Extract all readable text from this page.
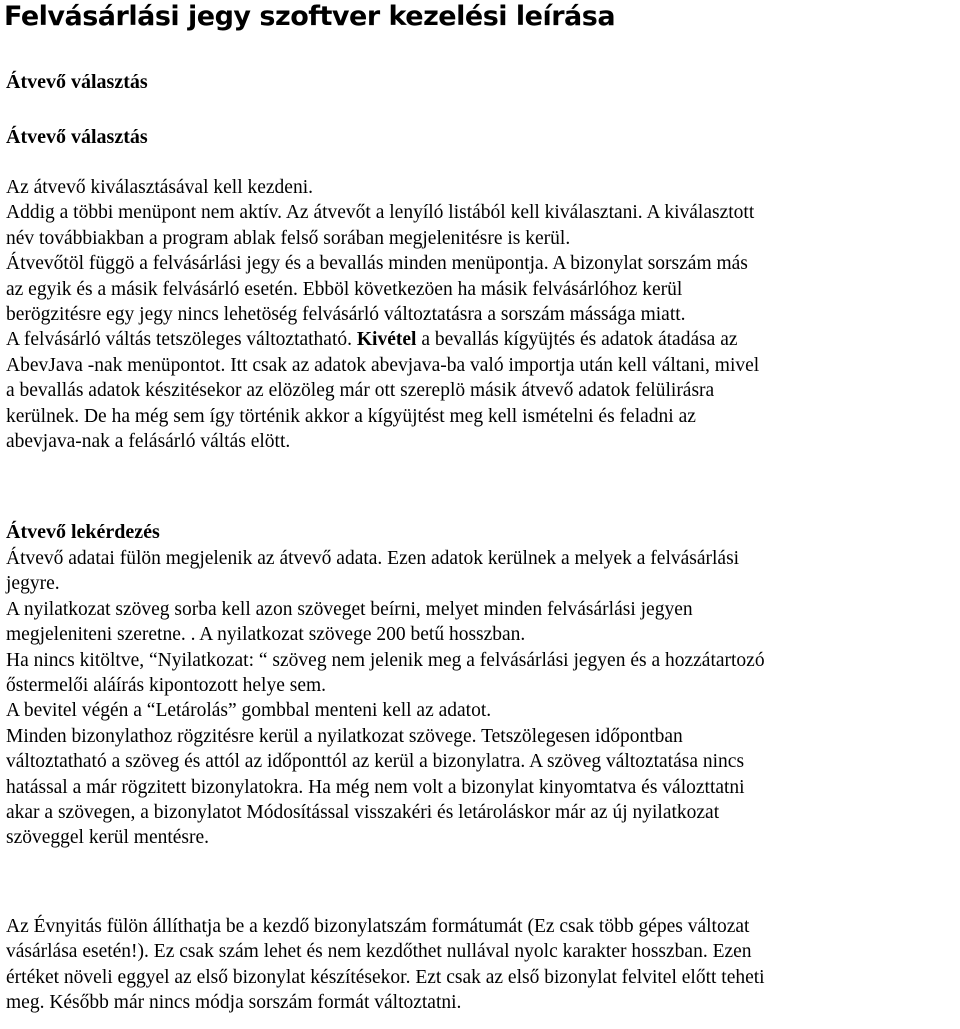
Felvásárlási jegy szoftver kezelési leírása
Átvevő választás
Átvevő választás
Az átvevő kiválasztásával kell kezdeni.
Addig a többi menüpont nem aktív. Az átvevőt a lenyíló listából kell kiválasztani. A kiválasztott
név továbbiakban a program ablak felső sorában megjelenitésre is kerül.
Átvevőtöl függö a felvásárlási jegy és a bevallás minden menüpontja. A bizonylat sorszám más
az egyik és a másik felvásárló esetén. Ebböl következöen ha másik felvásárlóhoz kerül
berögzitésre egy jegy nincs lehetöség felvásárló változtatásra a sorszám mássága miatt.
A felvásárló váltás tetszöleges változtatható. Kivétel a bevallás kígyüjtés és adatok átadása az
AbevJava -nak menüpontot. Itt csak az adatok abevjava-ba való importja után kell váltani, mivel
a bevallás adatok készitésekor az elözöleg már ott szereplö másik átvevő adatok felülirásra
kerülnek. De ha még sem így történik akkor a kígyüjtést meg kell ismételni és feladni az
abevjava-nak a felásárló váltás elött.
Átvevő lekérdezés
Átvevő adatai fülön megjelenik az átvevő adata. Ezen adatok kerülnek a melyek a felvásárlási
jegyre.
A nyilatkozat szöveg sorba kell azon szöveget beírni, melyet minden felvásárlási jegyen
megjeleniteni szeretne. . A nyilatkozat szövege 200 betű hosszban.
Ha nincs kitöltve, “Nyilatkozat: “ szöveg nem jelenik meg a felvásárlási jegyen és a hozzátartozó
őstermelői aláírás kipontozott helye sem.
A bevitel végén a “Letárolás” gombbal menteni kell az adatot.
Minden bizonylathoz rögzitésre kerül a nyilatkozat szövege. Tetszölegesen időpontban
változtatható a szöveg és attól az időponttól az kerül a bizonylatra. A szöveg változtatása nincs
hatással a már rögzitett bizonylatokra. Ha még nem volt a bizonylat kinyomtatva és válozttatni
akar a szövegen, a bizonylatot Módosítással visszakéri és letároláskor már az új nyilatkozat
szöveggel kerül mentésre.
Az Évnyitás fülön állíthatja be a kezdő bizonylatszám formátumát (Ez csak több gépes változat
vásárlása esetén!). Ez csak szám lehet és nem kezdőthet nullával nyolc karakter hosszban. Ezen
értéket növeli eggyel az első bizonylat készítésekor. Ezt csak az első bizonylat felvitel előtt teheti
meg. Később már nincs módja sorszám formát változtatni.
